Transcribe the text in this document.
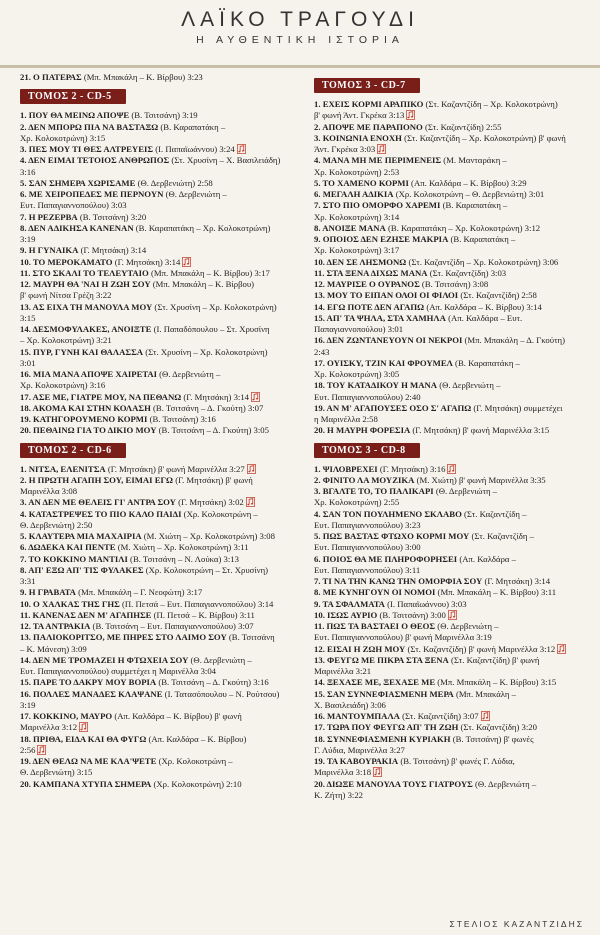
ΛΑΪΚΟ ΤΡΑΓΟΥΔΙ
Η ΑΥΘΕΝΤΙΚΗ ΙΣΤΟΡΙΑ
21. Ο ΠΑΤΕΡΑΣ (Μπ. Μπακάλη – Κ. Βίρβου) 3:23
ΤΟΜΟΣ 2 - CD-5
1. ΠΟΥ ΘΑ ΜΕΙΝΩ ΑΠΟΨΕ (Β. Τσιτσάνη) 3:19
2. ΔΕΝ ΜΠΟΡΩ ΠΙΑ ΝΑ ΒΑΣΤΑΞΩ (Β. Καραπατάκη –
Χρ. Κολοκοτρώνη) 3:15
3. ΠΕΣ ΜΟΥ ΤΙ ΘΕΣ ΑΛΤΡΕΥΕΙΣ (Ι. Παπαϊωάννου) 3:24
4. ΔΕΝ ΕΙΜΑΙ ΤΕΤΟΙΟΣ ΑΝΘΡΩΠΟΣ (Στ. Χρυσίνη – Χ. Βασιλειάδη)
3:16
5. ΣΑΝ ΣΗΜΕΡΑ ΧΩΡΙΣΑΜΕ (Θ. Δερβενιώτη) 2:58
6. ΜΕ ΧΕΙΡΟΠΕΔΕΣ ΜΕ ΠΕΡΝΟΥΝ (Θ. Δερβενιώτη –
Ευτ. Παπαγιαννοπούλου) 3:03
7. Η ΡΕΖΕΡΒΑ (Β. Τσιτσάνη) 3:20
8. ΔΕΝ ΑΔΙΚΗΣΑ ΚΑΝΕΝΑΝ (Β. Καραπατάκη – Χρ. Κολοκοτρώνη)
3:19
9. Η ΓΥΝΑΙΚΑ (Γ. Μητσάκη) 3:14
10. ΤΟ ΜΕΡΟΚΑΜΑΤΟ (Γ. Μητσάκη) 3:14
11. ΣΤΟ ΣΚΑΛΙ ΤΟ ΤΕΛΕΥΤΑΙΟ (Μπ. Μπακάλη – Κ. Βίρβου) 3:17
12. ΜΑΥΡΗ ΘΑ 'ΝΑΙ Η ΖΩΗ ΣΟΥ (Μπ. Μπακάλη – Κ. Βίρβου)
β' φωνή Νίτσα Γρέζη 3:22
13. ΑΣ ΕΙΧΑ ΤΗ ΜΑΝΟΥΛΑ ΜΟΥ (Στ. Χρυσίνη – Χρ. Κολοκοτρώνη)
3:15
14. ΔΕΣΜΟΦΥΛΑΚΕΣ, ΑΝΟΙΞΤΕ (Ι. Παπαδόπουλου – Στ. Χρυσίνη
– Χρ. Κολοκοτρώνη) 3:21
15. ΠΥΡ, ΓΥΝΗ ΚΑΙ ΘΑΛΑΣΣΑ (Στ. Χρυσίνη – Χρ. Κολοκοτρώνη)
3:01
16. ΜΙΑ ΜΑΝΑ ΑΠΟΨΕ ΧΑΙΡΕΤΑΙ (Θ. Δερβενιώτη –
Χρ. Κολοκοτρώνη) 3:16
17. ΑΣΕ ΜΕ, ΓΙΑΤΡΕ ΜΟΥ, ΝΑ ΠΕΘΑΝΩ (Γ. Μητσάκη) 3:14
18. ΑΚΟΜΑ ΚΑΙ ΣΤΗΝ ΚΟΛΑΣΗ (Β. Τσιτσάνη – Δ. Γκούτη) 3:07
19. ΚΑΤΗΓΟΡΟΥΜΕΝΟ ΚΟΡΜΙ (Β. Τσιτσάνη) 3:16
20. ΠΕΘΑΙΝΩ ΓΙΑ ΤΟ ΔΙΚΙΟ ΜΟΥ (Β. Τσιτσάνη – Δ. Γκούτη) 3:05
ΤΟΜΟΣ 2 - CD-6
1. ΝΙΤΣΑ, ΕΛΕΝΙΤΣΑ (Γ. Μητσάκη) β' φωνή Μαρινέλλα 3:27
2. Η ΠΡΩΤΗ ΑΓΑΠΗ ΣΟΥ, ΕΙΜΑΙ ΕΓΩ (Γ. Μητσάκη) β' φωνή
Μαρινέλλα 3:08
3. ΑΝ ΔΕΝ ΜΕ ΘΕΛΕΙΣ ΓΙ' ΑΝΤΡΑ ΣΟΥ (Γ. Μητσάκη) 3:02
4. ΚΑΤΑΣΤΡΕΨΕΣ ΤΟ ΠΙΟ ΚΑΛΟ ΠΑΙΔΙ (Χρ. Κολοκοτρώνη –
Θ. Δερβενιώτη) 2:50
5. ΚΛΑΥΤΕΡΑ ΜΙΑ ΜΑΧΑΙΡΙΑ (Μ. Χιώτη – Χρ. Κολοκοτρώνη) 3:08
6. ΔΩΔΕΚΑ ΚΑΙ ΠΕΝΤΕ (Μ. Χιώτη – Χρ. Κολοκοτρώνη) 3:11
7. ΤΟ ΚΟΚΚΙΝΟ ΜΑΝΤΙΛΙ (Β. Τσιτσάνη – Ν. Λούκα) 3:13
8. ΑΠ' ΕΞΩ ΑΠ' ΤΙΣ ΦΥΛΑΚΕΣ (Χρ. Κολοκοτρώνη – Στ. Χρυσίνη)
3:31
9. Η ΓΡΑΒΑΤΑ (Μπ. Μπακάλη – Γ. Νεοφώτη) 3:17
10. Ο ΧΑΛΚΑΣ ΤΗΣ ΓΗΣ (Π. Πετσά – Ευτ. Παπαγιαννοπούλου) 3:14
11. ΚΑΝΕΝΑΣ ΔΕΝ Μ' ΑΓΑΠΗΣΕ (Π. Πετσά – Κ. Βίρβου) 3:11
12. ΤΑ ΑΝΤΡΑΚΙΑ (Β. Τσιτσάνη – Ευτ. Παπαγιαννοπούλου) 3:07
13. ΠΑΛΙΟΚΟΡΙΤΣΟ, ΜΕ ΠΗΡΕΣ ΣΤΟ ΛΑΙΜΟ ΣΟΥ (Β. Τσιτσάνη
– Κ. Μάνεση) 3:09
14. ΔΕΝ ΜΕ ΤΡΟΜΑΖΕΙ Η ΦΤΩΧΕΙΑ ΣΟΥ (Θ. Δερβενιώτη –
Ευτ. Παπαγιαννοπούλου) συμμετέχει η Μαρινέλλα 3:04
15. ΠΑΡΕ ΤΟ ΔΑΚΡΥ ΜΟΥ ΒΟΡΙΑ (Β. Τσιτσάνη – Δ. Γκούτη) 3:16
16. ΠΟΛΛΕΣ ΜΑΝΑΔΕΣ ΚΛΑΨΑΝΕ (Ι. Τατασόπουλου – Ν. Ρούτσου)
3:19
17. ΚΟΚΚΙΝΟ, ΜΑΥΡΟ (Απ. Καλδάρα – Κ. Βίρβου) β' φωνή
Μαρινέλλα 3:12
18. ΠΡΙΘΑ, ΕΙΔΑ ΚΑΙ ΘΑ ΦΥΓΩ (Απ. Καλδάρα – Κ. Βίρβου)
2:56
19. ΔΕΝ ΘΕΛΩ ΝΑ ΜΕ ΚΛΑ'ΨΕΤΕ (Χρ. Κολοκοτρώνη –
Θ. Δερβενιώτη) 3:15
20. ΚΑΜΠΑΝΑ ΧΤΥΠΑ ΣΗΜΕΡΑ (Χρ. Κολοκοτρώνη) 2:10
ΤΟΜΟΣ 3 - CD-7
1. ΕΧΕΙΣ ΚΟΡΜΙ ΑΡΑΠΙΚΟ (Στ. Καζαντζίδη – Χρ. Κολοκοτρώνη)
β' φωνή Άντ. Γκρέκα 3:13
2. ΑΠΟΨΕ ΜΕ ΠΑΡΑΠΟΝΟ (Στ. Καζαντζίδη) 2:55
3. ΚΟΙΝΩΝΙΑ ΕΝΟΧΗ (Στ. Καζαντζίδη – Χρ. Κολοκοτρώνη) β' φωνή
Άντ. Γκρέκα 3:03
4. ΜΑΝΑ ΜΗ ΜΕ ΠΕΡΙΜΕΝΕΙΣ (Μ. Μανταράκη –
Χρ. Κολοκοτρώνη) 2:53
5. ΤΟ ΧΑΜΕΝΟ ΚΟΡΜΙ (Απ. Καλδάρα – Κ. Βίρβου) 3:29
6. ΜΕΓΑΛΗ ΑΔΙΚΙΑ (Χρ. Κολοκοτρώνη – Θ. Δερβενιώτη) 3:01
7. ΣΤΟ ΠΙΟ ΟΜΟΡΦΟ ΧΑΡΕΜΙ (Β. Καραπατάκη –
Χρ. Κολοκοτρώνη) 3:14
8. ΑΝΟΙΞΕ ΜΑΝΑ (Β. Καραπατάκη – Χρ. Κολοκοτρώνη) 3:12
9. ΟΠΟΙΟΣ ΔΕΝ ΕΖΗΣΕ ΜΑΚΡΙΑ (Β. Καραπατάκη –
Χρ. Κολοκοτρώνη) 3:17
10. ΔΕΝ ΣΕ ΛΗΣΜΟΝΩ (Στ. Καζαντζίδη – Χρ. Κολοκοτρώνη) 3:06
11. ΣΤΑ ΞΕΝΑ ΔΙΧΩΣ ΜΑΝΑ (Στ. Καζαντζίδη) 3:03
12. ΜΑΥΡΙΣΕ Ο ΟΥΡΑΝΟΣ (Β. Τσιτσάνη) 3:08
13. ΜΟΥ ΤΟ ΕΙΠΑΝ ΟΛΟΙ ΟΙ ΦΙΛΟΙ (Στ. Καζαντζίδη) 2:58
14. ΕΓΩ ΠΟΤΕ ΔΕΝ ΑΓΑΠΩ (Απ. Καλδάρα – Κ. Βίρβου) 3:14
15. ΑΠ' ΤΑ ΨΗΛΑ, ΣΤΑ ΧΑΜΗΛΑ (Απ. Καλδάρα – Ευτ.
Παπαγιαννοπούλου) 3:01
16. ΔΕΝ ΖΩΝΤΑΝΕΥΟΥΝ ΟΙ ΝΕΚΡΟΙ (Μπ. Μπακάλη – Δ. Γκούτη)
2:43
17. ΟΥΙΣΚΥ, ΤΖΙΝ ΚΑΙ ΦΡΟΥΜΕΛ (Β. Καραπατάκη –
Χρ. Κολοκοτρώνη) 3:05
18. ΤΟΥ ΚΑΤΑΔΙΚΟΥ Η ΜΑΝΑ (Θ. Δερβενιώτη –
Ευτ. Παπαγιαννοπούλου) 2:40
19. ΑΝ Μ' ΑΓΑΠΟΥΣΕΣ ΟΣΟ Σ' ΑΓΑΠΩ (Γ. Μητσάκη) συμμετέχει
η Μαρινέλλα 2:58
20. Η ΜΑΥΡΗ ΦΟΡΕΣΙΑ (Γ. Μητσάκη) β' φωνή Μαρινέλλα 3:15
ΤΟΜΟΣ 3 - CD-8
1. ΨΙΛΟΒΡΕΧΕΙ (Γ. Μητσάκη) 3:16
2. ΦΙΝΙΤΟ ΛΑ ΜΟΥΖΙΚΑ (Μ. Χιώτη) β' φωνή Μαρινέλλα 3:35
3. ΒΓΑΛΤΕ ΤΟ, ΤΟ ΠΑΛΙΚΑΡΙ (Θ. Δερβενιώτη –
Χρ. Κολοκοτρώνη) 2:55
4. ΣΑΝ ΤΟΝ ΠΟΥΛΗΜΕΝΟ ΣΚΛΑΒΟ (Στ. Καζαντζίδη –
Ευτ. Παπαγιαννοπούλου) 3:23
5. ΠΩΣ ΒΑΣΤΑΣ ΦΤΩΧΟ ΚΟΡΜΙ ΜΟΥ (Στ. Καζαντζίδη –
Ευτ. Παπαγιαννοπούλου) 3:00
6. ΠΟΙΟΣ ΘΑ ΜΕ ΠΛΗΡΟΦΟΡΗΣΕΙ (Απ. Καλδάρα –
Ευτ. Παπαγιαννοπούλου) 3:11
7. ΤΙ ΝΑ ΤΗΝ ΚΑΝΩ ΤΗΝ ΟΜΟΡΦΙΑ ΣΟΥ (Γ. Μητσάκη) 3:14
8. ΜΕ ΚΥΝΗΓΟΥΝ ΟΙ ΝΟΜΟΙ (Μπ. Μπακάλη – Κ. Βίρβου) 3:11
9. ΤΑ ΣΦΑΛΜΑΤΑ (Ι. Παπαϊωάννου) 3:03
10. ΙΣΩΣ ΑΥΡΙΟ (Β. Τσιτσάνη) 3:00
11. ΠΩΣ ΤΑ ΒΑΣΤΑΕΙ Ο ΘΕΟΣ (Θ. Δερβενιώτη –
Ευτ. Παπαγιαννοπούλου) β' φωνή Μαρινέλλα 3:19
12. ΕΙΣΑΙ Η ΖΩΗ ΜΟΥ (Στ. Καζαντζίδη) β' φωνή Μαρινέλλα 3:12
13. ΦΕΥΓΩ ΜΕ ΠΙΚΡΑ ΣΤΑ ΞΕΝΑ (Στ. Καζαντζίδη) β' φωνή
Μαρινέλλα 3:21
14. ΞΕΧΑΣΕ ΜΕ, ΞΕΧΑΣΕ ΜΕ (Μπ. Μπακάλη – Κ. Βίρβου) 3:15
15. ΣΑΝ ΣΥΝΝΕΦΙΑΣΜΕΝΗ ΜΕΡΑ (Μπ. Μπακάλη –
Χ. Βασιλειάδη) 3:06
16. ΜΑΝΤΟΥΜΠΑΛΑ (Στ. Καζαντζίδη) 3:07
17. ΤΩΡΑ ΠΟΥ ΦΕΥΓΩ ΑΠ' ΤΗ ΖΩΗ (Στ. Καζαντζίδη) 3:20
18. ΣΥΝΝΕΦΙΑΣΜΕΝΗ ΚΥΡΙΑΚΗ (Β. Τσιτσάνη) β' φωνές
Γ. Λύδια, Μαρινέλλα 3:27
19. ΤΑ ΚΑΒΟΥΡΑΚΙΑ (Β. Τσιτσάνη) β' φωνές Γ. Λύδια,
Μαρινέλλα 3:18
20. ΔΙΩΞΕ ΜΑΝΟΥΛΑ ΤΟΥΣ ΓΙΑΤΡΟΥΣ (Θ. Δερβενιώτη –
Κ. Ζήτη) 3:22
ΣΤΕΛΙΟΣ ΚΑΖΑΝΤΖΙΔΗΣ
